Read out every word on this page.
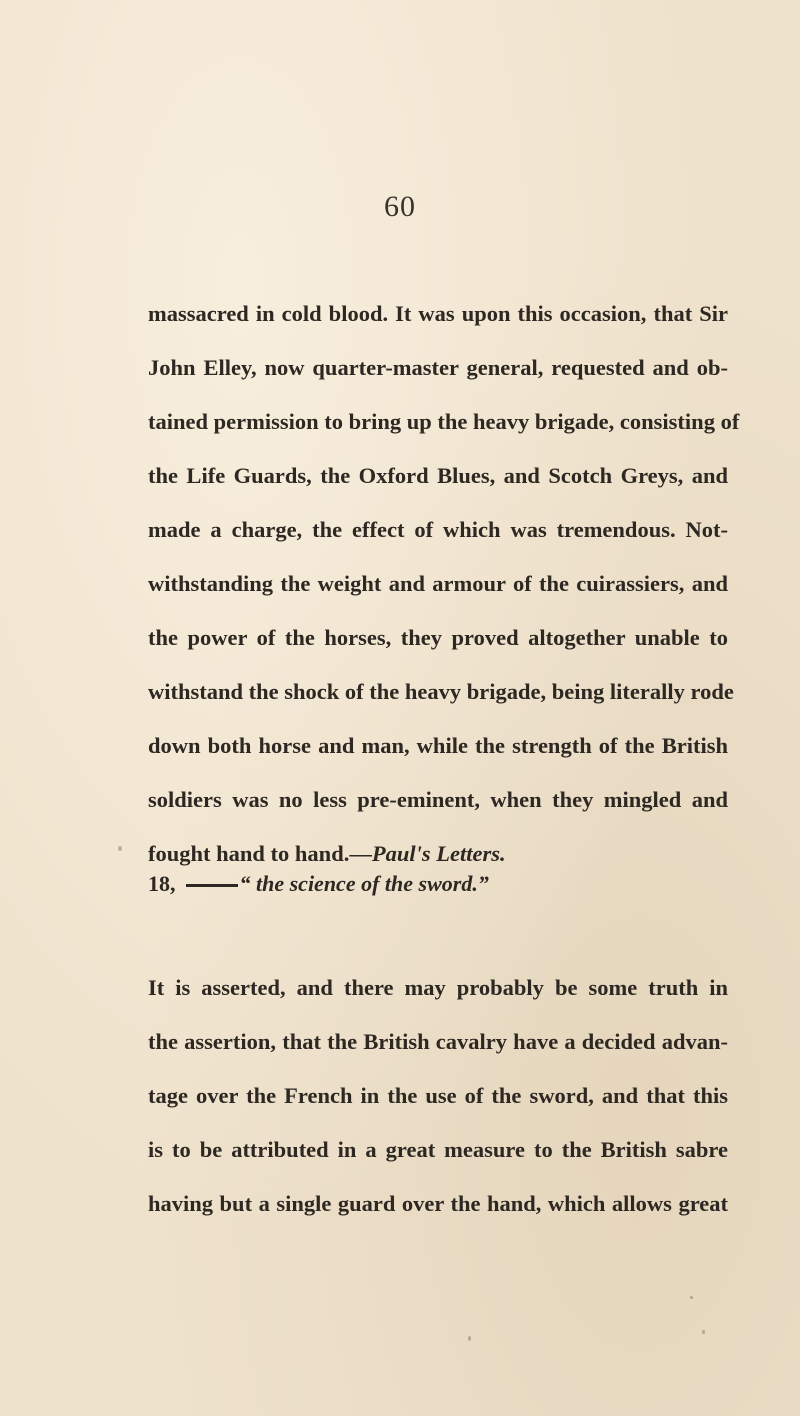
60
massacred in cold blood. It was upon this occasion, that Sir
John Elley, now quarter-master general, requested and ob-
tained permission to bring up the heavy brigade, consisting of
the Life Guards, the Oxford Blues, and Scotch Greys, and
made a charge, the effect of which was tremendous. Not-
withstanding the weight and armour of the cuirassiers, and
the power of the horses, they proved altogether unable to
withstand the shock of the heavy brigade, being literally rode
down both horse and man, while the strength of the British
soldiers was no less pre-eminent, when they mingled and
fought hand to hand.—Paul's Letters.
18,	“ the science of the sword.”
It is asserted, and there may probably be some truth in
the assertion, that the British cavalry have a decided advan-
tage over the French in the use of the sword, and that this
is to be attributed in a great measure to the British sabre
having but a single guard over the hand, which allows great
